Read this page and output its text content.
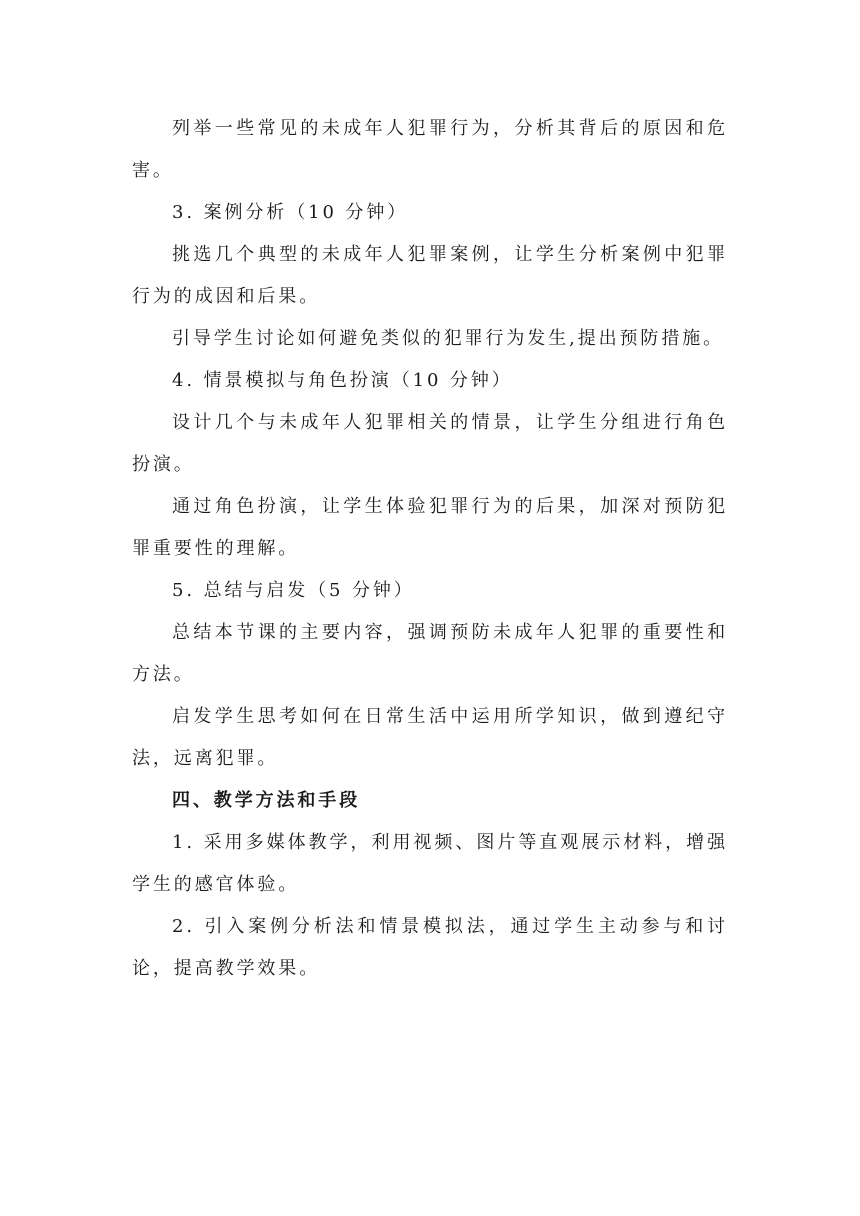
列举一些常见的未成年人犯罪行为，分析其背后的原因和危害。

3. 案例分析（10 分钟）

挑选几个典型的未成年人犯罪案例，让学生分析案例中犯罪行为的成因和后果。

引导学生讨论如何避免类似的犯罪行为发生,提出预防措施。

4. 情景模拟与角色扮演（10 分钟）

设计几个与未成年人犯罪相关的情景，让学生分组进行角色扮演。

通过角色扮演，让学生体验犯罪行为的后果，加深对预防犯罪重要性的理解。

5. 总结与启发（5 分钟）

总结本节课的主要内容，强调预防未成年人犯罪的重要性和方法。

启发学生思考如何在日常生活中运用所学知识，做到遵纪守法，远离犯罪。

四、教学方法和手段

1. 采用多媒体教学，利用视频、图片等直观展示材料，增强学生的感官体验。

2. 引入案例分析法和情景模拟法，通过学生主动参与和讨论，提高教学效果。
